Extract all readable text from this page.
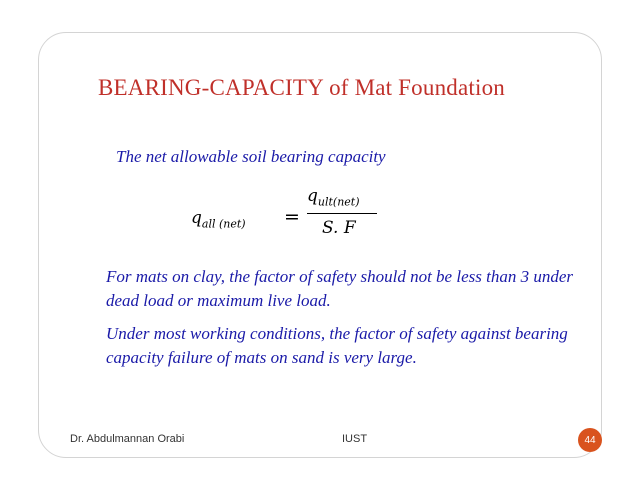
BEARING-CAPACITY of Mat Foundation
The net allowable soil bearing capacity
$q_{all (net)}$ =
$q_{ult(net)}$
S. F
For mats on clay, the factor of safety should not be less than 3 under dead load or maximum live load.
Under most working conditions, the factor of safety against bearing capacity failure of mats on sand is very large.
Dr. Abdulmannan Orabi	IUST	44
